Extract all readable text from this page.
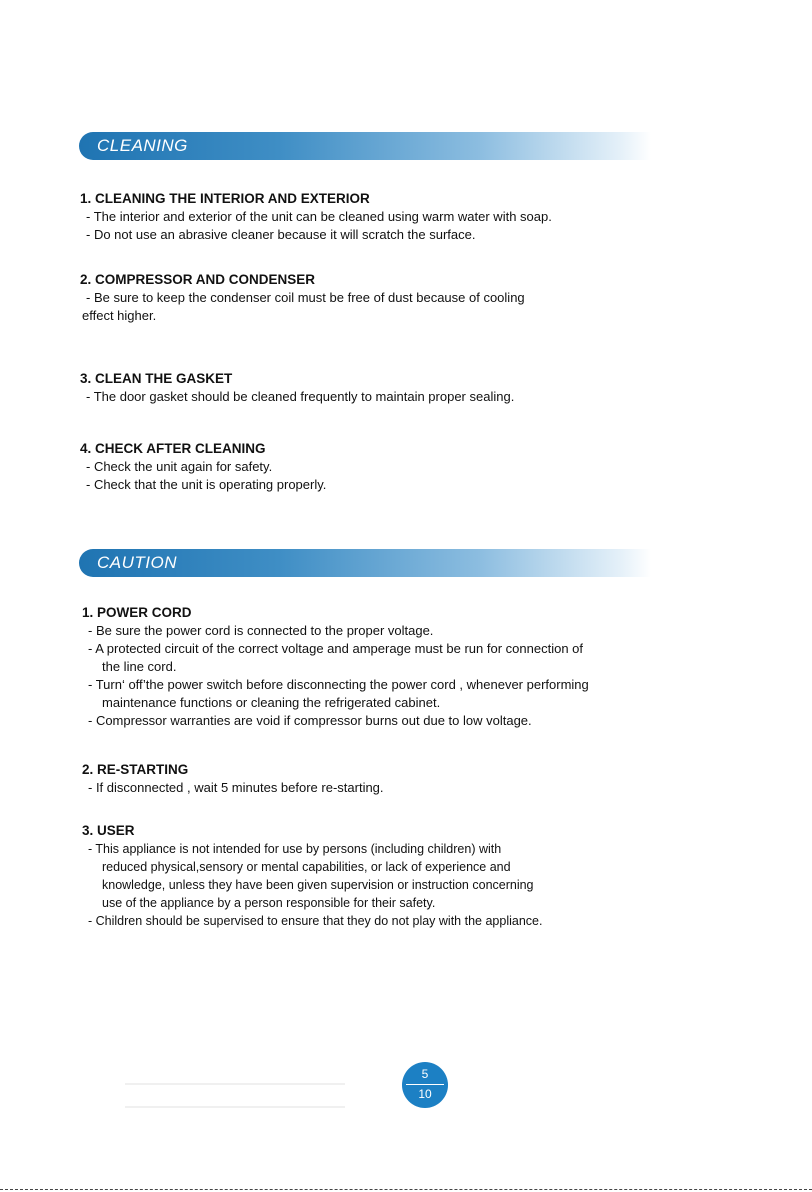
CLEANING

1. CLEANING THE INTERIOR AND EXTERIOR

- The interior and exterior of the unit can be cleaned using warm water with soap.

- Do not use an abrasive cleaner because it will scratch the surface.

2. COMPRESSOR AND CONDENSER

- Be sure to keep the condenser coil must be free of dust because of cooling

effect higher.

3. CLEAN THE GASKET

- The door gasket should be cleaned frequently to maintain proper sealing.

4. CHECK AFTER CLEANING

- Check the unit again for safety.

- Check that the unit is operating properly.

CAUTION

1. POWER CORD

- Be sure the power cord is connected to the proper voltage.

- A protected circuit of the correct voltage and amperage must be run for connection of

the line cord.

- Turn‘ off’the power switch before disconnecting the power cord , whenever performing

maintenance functions or cleaning the refrigerated cabinet.

- Compressor warranties are void if compressor burns out due to low voltage.

2. RE-STARTING

- If disconnected , wait 5 minutes before re-starting.

3. USER

- This appliance is not intended for use by persons (including children) with

reduced physical,sensory or mental capabilities, or lack of experience and

knowledge, unless they have been given supervision or instruction concerning

use of the appliance by a person responsible for their safety.

- Children should be supervised to ensure that they do not play with the appliance.

5
10
